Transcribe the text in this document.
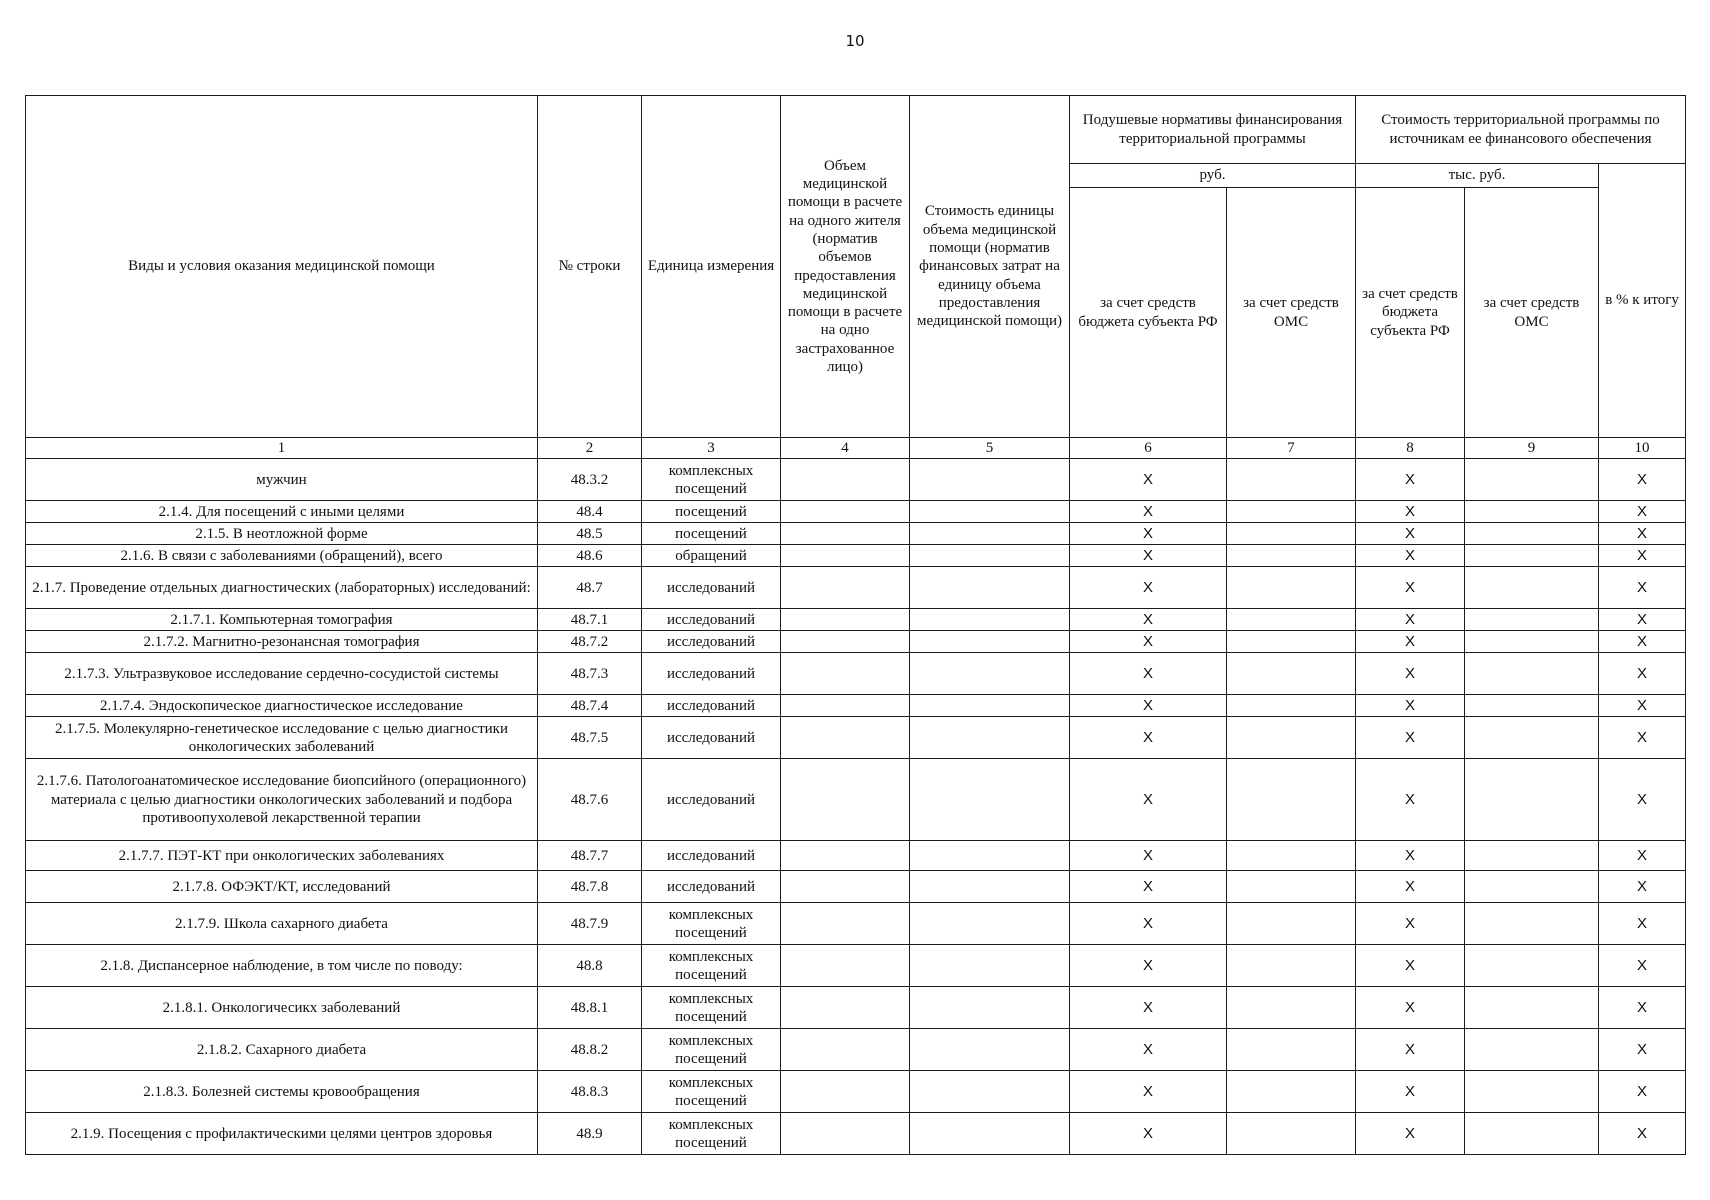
10
Виды и условия оказания медицинской помощи	№ строки	Единица измерения	Объем медицинской помощи в расчете на одного жителя (норматив объемов предоставления медицинской помощи в расчете на одно застрахованное лицо)	Стоимость единицы объема медицинской помощи (норматив финансовых затрат на единицу объема предоставления медицинской помощи)	Подушевые нормативы финансирования территориальной программы		Стоимость территориальной программы по источникам ее финансового обеспечения		
					руб.		тыс. руб.		в % к итогу
					за счет средств бюджета субъекта РФ	за счет средств ОМС	за счет средств бюджета субъекта РФ	за счет средств ОМС	
1	2	3	4	5	6	7	8	9	10
мужчин	48.3.2	комплексных посещений			X		X		X
2.1.4. Для посещений с иными целями	48.4	посещений			X		X		X
2.1.5. В неотложной форме	48.5	посещений			X		X		X
2.1.6. В связи с заболеваниями (обращений), всего	48.6	обращений			X		X		X
2.1.7. Проведение отдельных диагностических (лабораторных) исследований:	48.7	исследований			X		X		X
2.1.7.1. Компьютерная томография	48.7.1	исследований			X		X		X
2.1.7.2. Магнитно-резонансная томография	48.7.2	исследований			X		X		X
2.1.7.3. Ультразвуковое исследование сердечно-сосудистой системы	48.7.3	исследований			X		X		X
2.1.7.4. Эндоскопическое диагностическое исследование	48.7.4	исследований			X		X		X
2.1.7.5. Молекулярно-генетическое исследование с целью диагностики онкологических заболеваний	48.7.5	исследований			X		X		X
2.1.7.6. Патологоанатомическое исследование биопсийного (операционного) материала с целью диагностики онкологических заболеваний и подбора противоопухолевой лекарственной терапии	48.7.6	исследований			X		X		X
2.1.7.7. ПЭТ-КТ при онкологических заболеваниях	48.7.7	исследований			X		X		X
2.1.7.8. ОФЭКТ/КТ, исследований	48.7.8	исследований			X		X		X
2.1.7.9. Школа сахарного диабета	48.7.9	комплексных посещений			X		X		X
2.1.8. Диспансерное наблюдение, в том числе по поводу:	48.8	комплексных посещений			X		X		X
2.1.8.1. Онкологичесикх заболеваний	48.8.1	комплексных посещений			X		X		X
2.1.8.2. Сахарного диабета	48.8.2	комплексных посещений			X		X		X
2.1.8.3. Болезней системы кровообращения	48.8.3	комплексных посещений			X		X		X
2.1.9. Посещения с профилактическими целями центров здоровья	48.9	комплексных посещений			X		X		X
